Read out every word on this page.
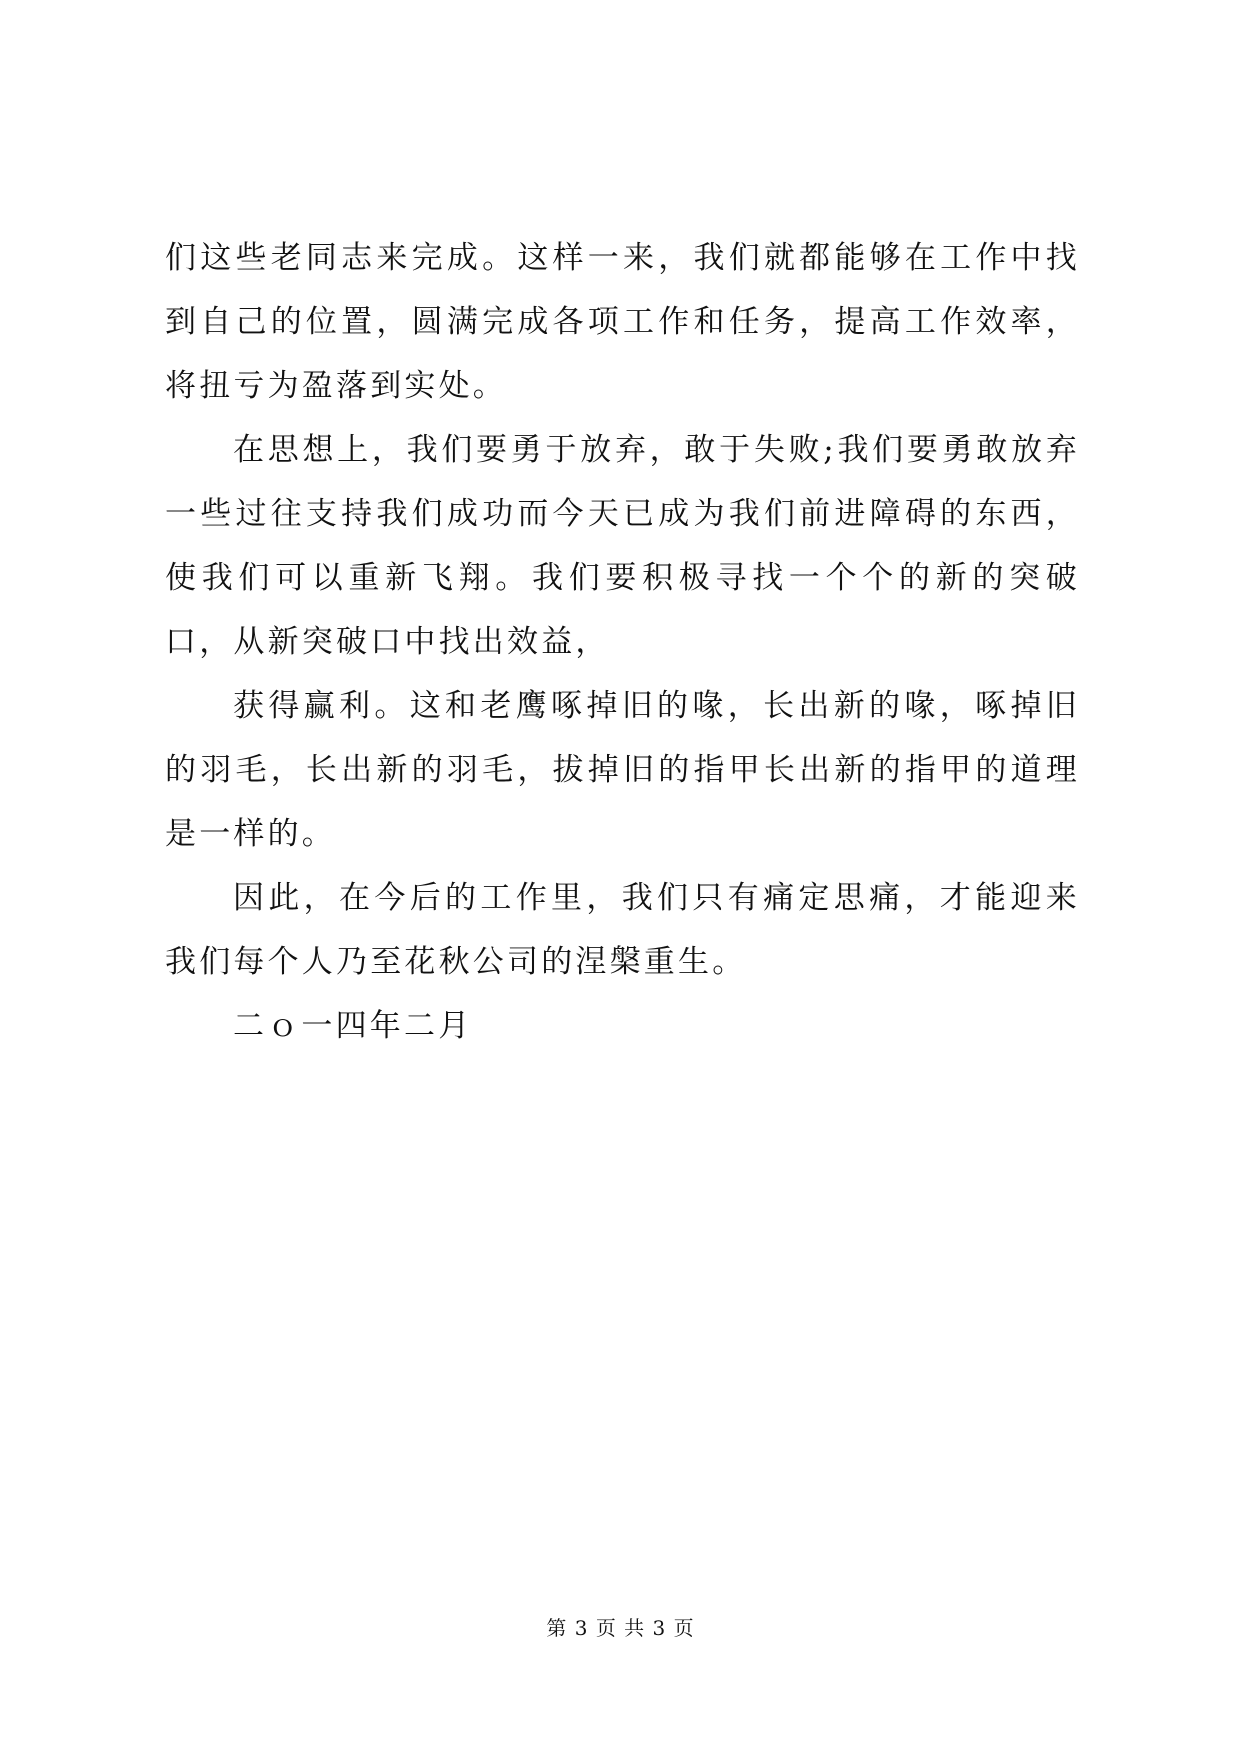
们这些老同志来完成。这样一来，我们就都能够在工作中找到自己的位置，圆满完成各项工作和任务，提高工作效率，将扭亏为盈落到实处。

在思想上，我们要勇于放弃，敢于失败;我们要勇敢放弃一些过往支持我们成功而今天已成为我们前进障碍的东西，使我们可以重新飞翔。我们要积极寻找一个个的新的突破口，从新突破口中找出效益，

获得赢利。这和老鹰啄掉旧的喙，长出新的喙，啄掉旧的羽毛，长出新的羽毛，拔掉旧的指甲长出新的指甲的道理是一样的。

因此，在今后的工作里，我们只有痛定思痛，才能迎来我们每个人乃至花秋公司的涅槃重生。

二ｏ一四年二月

第 3 页 共 3 页
